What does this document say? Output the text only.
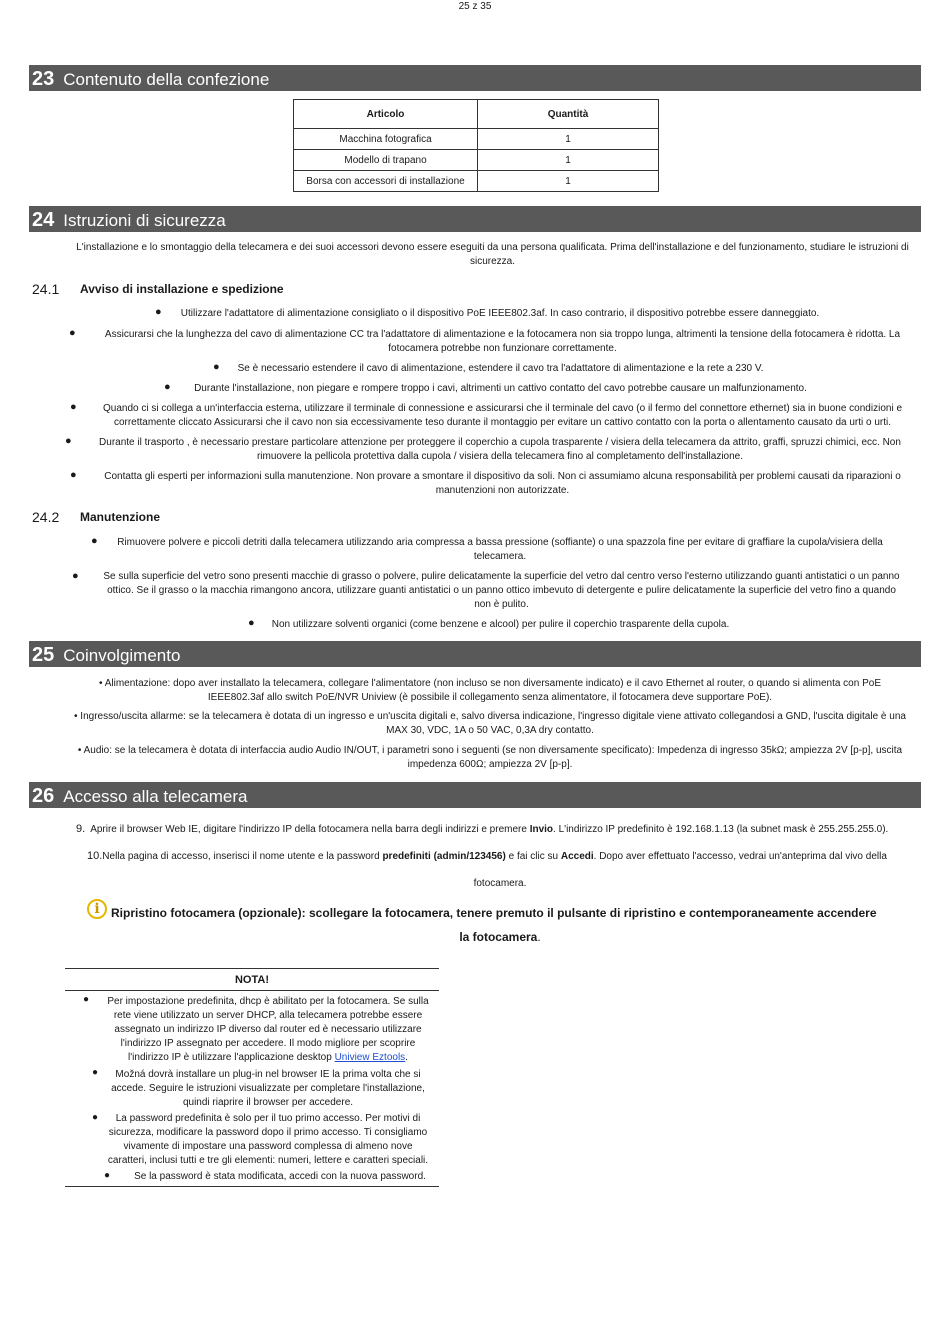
25 z 35
23 Contenuto della confezione
Articolo	Quantità
Macchina fotografica	1
Modello di trapano	1
Borsa con accessori di installazione	1
24 Istruzioni di sicurezza
L'installazione e lo smontaggio della telecamera e dei suoi accessori devono essere eseguiti da una persona qualificata. Prima dell'installazione e del funzionamento, studiare le istruzioni di
sicurezza.
24.1 Avviso di installazione e spedizione
●	Utilizzare l'adattatore di alimentazione consigliato o il dispositivo PoE IEEE802.3af. In caso contrario, il dispositivo potrebbe essere danneggiato.
●	Assicurarsi che la lunghezza del cavo di alimentazione CC tra l'adattatore di alimentazione e la fotocamera non sia troppo lunga, altrimenti la tensione della fotocamera è ridotta. La
fotocamera potrebbe non funzionare correttamente.
●	Se è necessario estendere il cavo di alimentazione, estendere il cavo tra l'adattatore di alimentazione e la rete a 230 V.
●	Durante l'installazione, non piegare e rompere troppo i cavi, altrimenti un cattivo contatto del cavo potrebbe causare un malfunzionamento.
●	Quando ci si collega a un'interfaccia esterna, utilizzare il terminale di connessione e assicurarsi che il terminale del cavo (o il fermo del connettore ethernet) sia in buone condizioni e
correttamente cliccato Assicurarsi che il cavo non sia eccessivamente teso durante il montaggio per evitare un cattivo contatto con la porta o allentamento causato da urti o urti.
●	Durante il trasporto , è necessario prestare particolare attenzione per proteggere il coperchio a cupola trasparente / visiera della telecamera da attrito, graffi, spruzzi chimici, ecc. Non
rimuovere la pellicola protettiva dalla cupola / visiera della telecamera fino al completamento dell'installazione.
●	Contatta gli esperti per informazioni sulla manutenzione. Non provare a smontare il dispositivo da soli. Non ci assumiamo alcuna responsabilità per problemi causati da riparazioni o
manutenzioni non autorizzate.
24.2 Manutenzione
●	Rimuovere polvere e piccoli detriti dalla telecamera utilizzando aria compressa a bassa pressione (soffiante) o una spazzola fine per evitare di graffiare la cupola/visiera della
telecamera.
●	Se sulla superficie del vetro sono presenti macchie di grasso o polvere, pulire delicatamente la superficie del vetro dal centro verso l'esterno utilizzando guanti antistatici o un panno
ottico. Se il grasso o la macchia rimangono ancora, utilizzare guanti antistatici o un panno ottico imbevuto di detergente e pulire delicatamente la superficie del vetro fino a quando
non è pulito.
●	Non utilizzare solventi organici (come benzene e alcool) per pulire il coperchio trasparente della cupola.
25 Coinvolgimento
• Alimentazione: dopo aver installato la telecamera, collegare l'alimentatore (non incluso se non diversamente indicato) e il cavo Ethernet al router, o quando si alimenta con PoE
IEEE802.3af allo switch PoE/NVR Uniview (è possibile il collegamento senza alimentatore, il fotocamera deve supportare PoE).
• Ingresso/uscita allarme: se la telecamera è dotata di un ingresso e un'uscita digitali e, salvo diversa indicazione, l'ingresso digitale viene attivato collegandosi a GND, l'uscita digitale è una
MAX 30, VDC, 1A o 50 VAC, 0,3A dry contatto.
• Audio: se la telecamera è dotata di interfaccia audio Audio IN/OUT, i parametri sono i seguenti (se non diversamente specificato): Impedenza di ingresso 35kΩ; ampiezza 2V [p-p], uscita
impedenza 600Ω; ampiezza 2V [p-p].
26 Accesso alla telecamera
9. Aprire il browser Web IE, digitare l'indirizzo IP della fotocamera nella barra degli indirizzi e premere Invio. L'indirizzo IP predefinito è 192.168.1.13 (la subnet mask è 255.255.255.0).
10.Nella pagina di accesso, inserisci il nome utente e la password predefiniti (admin/123456) e fai clic su Accedi. Dopo aver effettuato l'accesso, vedrai un'anteprima dal vivo della
fotocamera.
i Ripristino fotocamera (opzionale): scollegare la fotocamera, tenere premuto il pulsante di ripristino e contemporaneamente accendere
la fotocamera.
NOTA!
●	Per impostazione predefinita, dhcp è abilitato per la fotocamera. Se sulla
rete viene utilizzato un server DHCP, alla telecamera potrebbe essere
assegnato un indirizzo IP diverso dal router ed è necessario utilizzare
l'indirizzo IP assegnato per accedere. Il modo migliore per scoprire
l'indirizzo IP è utilizzare l'applicazione desktop Uniview Eztools.
●	Možná dovrà installare un plug-in nel browser IE la prima volta che si
accede. Seguire le istruzioni visualizzate per completare l'installazione,
quindi riaprire il browser per accedere.
●	La password predefinita è solo per il tuo primo accesso. Per motivi di
sicurezza, modificare la password dopo il primo accesso. Ti consigliamo
vivamente di impostare una password complessa di almeno nove
caratteri, inclusi tutti e tre gli elementi: numeri, lettere e caratteri speciali.
●	Se la password è stata modificata, accedi con la nuova password.
